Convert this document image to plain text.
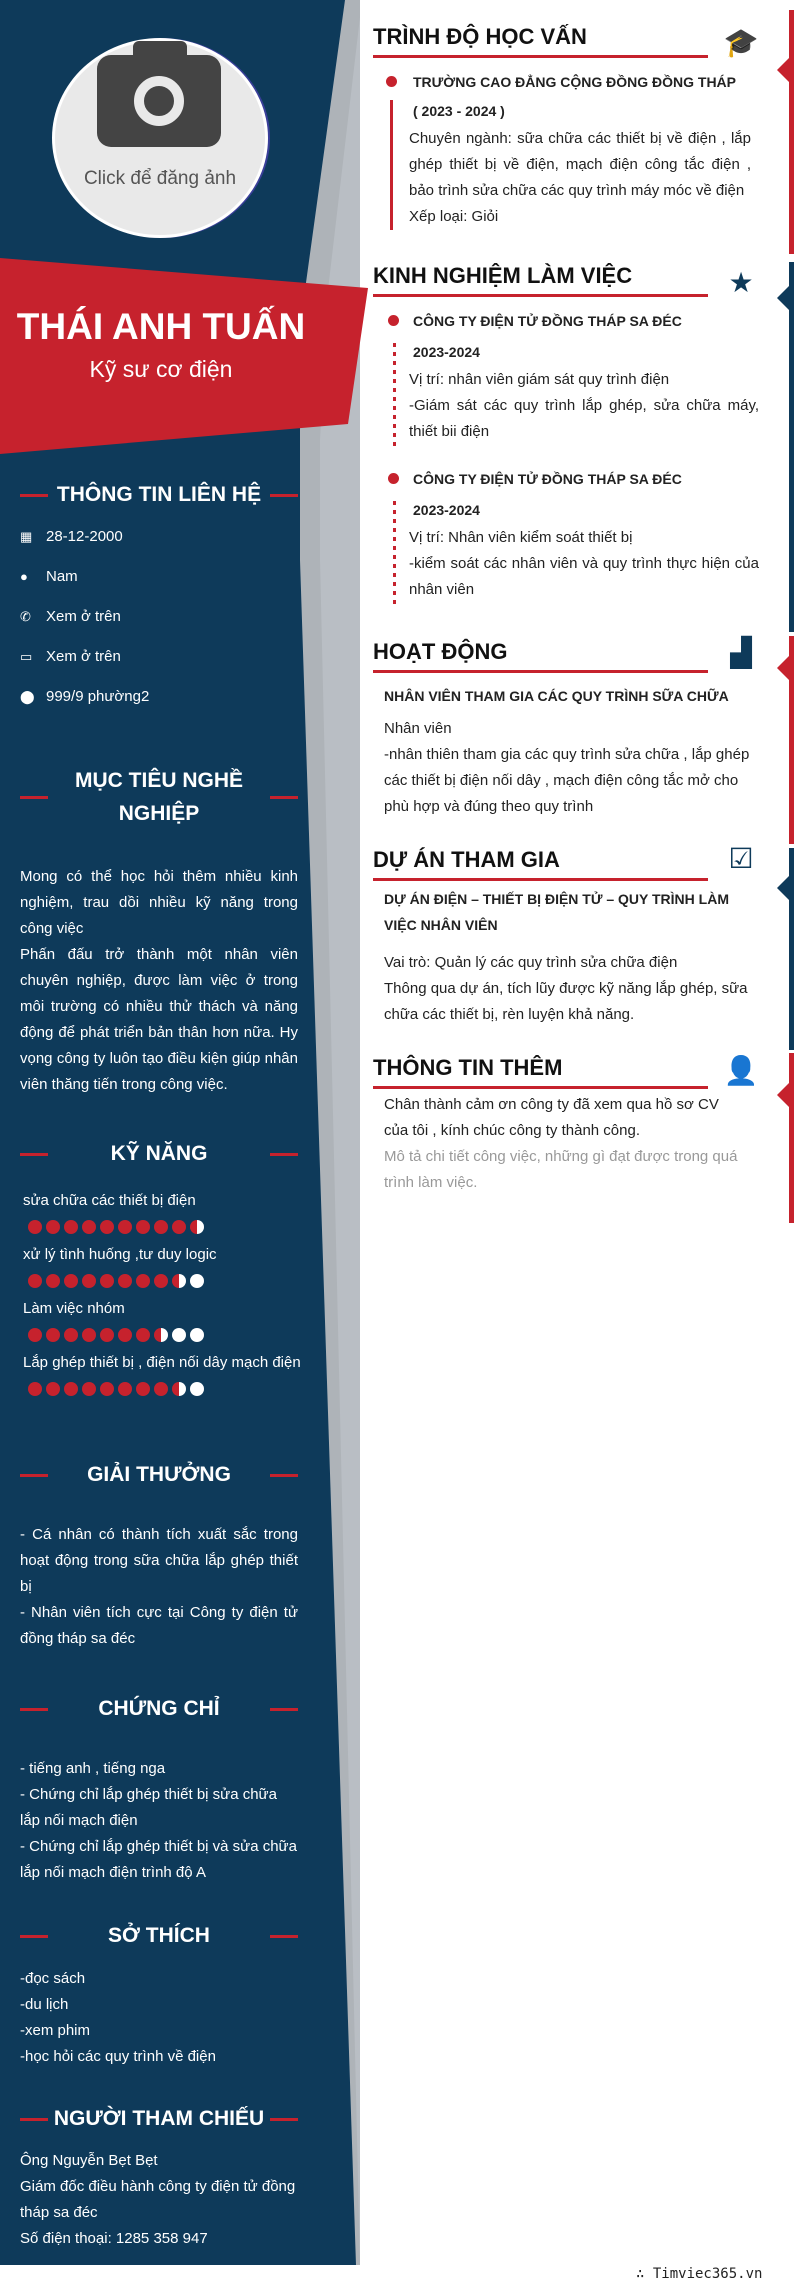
Click để đăng ảnh
THÁI ANH TUẤN
Kỹ sư cơ điện
THÔNG TIN LIÊN HỆ
▦ 28-12-2000
●	Nam
✆	Xem ở trên
▭ Xem ở trên
⬤ 999/9 phường2
MỤC TIÊU NGHỀ
NGHIỆP
Mong có thể học hỏi thêm nhiều kinh nghiệm, trau dồi nhiều kỹ năng trong công việc
Phấn đấu trở thành một nhân viên chuyên nghiệp, được làm việc ở trong môi trường có nhiều thử thách và năng động để phát triển bản thân hơn nữa. Hy vọng công ty luôn tạo điều kiện giúp nhân viên thăng tiến trong công việc.
KỸ NĂNG
sửa chữa các thiết bị điện
xử lý tình huống ,tư duy logic
Làm việc nhóm
Lắp ghép thiết bị , điện nối dây mạch điện
GIẢI THƯỞNG
- Cá nhân có thành tích xuất sắc trong hoạt động trong sữa chữa lắp ghép thiết bị
- Nhân viên tích cực tại Công ty điện tử đồng tháp sa đéc
CHỨNG CHỈ
- tiếng anh , tiếng nga
- Chứng chỉ lắp ghép thiết bị sửa chữa lắp nối mạch điện
- Chứng chỉ lắp ghép thiết bị và sửa chữa lắp nối mạch điện trình độ A
SỞ THÍCH
-đọc sách
-du lịch
-xem phim
-học hỏi các quy trình về điện
NGƯỜI THAM CHIẾU
Ông Nguyễn Bẹt Bẹt
Giám đốc điều hành công ty điện tử đồng tháp sa đéc
Số điện thoại: 1285 358 947
TRÌNH ĐỘ HỌC VẤN	🎓
TRƯỜNG CAO ĐẲNG CỘNG ĐỒNG ĐỒNG THÁP
( 2023 - 2024 )
Chuyên ngành: sữa chữa các thiết bị về điện , lắp ghép thiết bị về điện, mạch điện công tắc điện , bảo trình sửa chữa các quy trình máy móc về điện
Xếp loại: Giỏi
KINH NGHIỆM LÀM VIỆC	★
CÔNG TY ĐIỆN TỬ ĐỒNG THÁP SA ĐÉC
2023-2024
Vị trí: nhân viên giám sát quy trình điện
-Giám sát các quy trình lắp ghép, sửa chữa máy, thiết bii điện
CÔNG TY ĐIỆN TỬ ĐỒNG THÁP SA ĐÉC
2023-2024
Vị trí: Nhân viên kiểm soát thiết bị
-kiểm soát các nhân viên và quy trình thực hiện của nhân viên
HOẠT ĐỘNG	▟
NHÂN VIÊN THAM GIA CÁC QUY TRÌNH SỮA CHỮA
Nhân viên
-nhân thiên tham gia các quy trình sửa chữa , lắp ghép các thiết bị điện nối dây , mạch điện công tắc mở cho phù hợp và đúng theo quy trình
DỰ ÁN THAM GIA	☑
DỰ ÁN ĐIỆN – THIẾT BỊ ĐIỆN TỬ – QUY TRÌNH LÀM VIỆC NHÂN VIÊN
Vai trò: Quản lý các quy trình sửa chữa điện
Thông qua dự án, tích lũy được kỹ năng lắp ghép, sữa chữa các thiết bị, rèn luyện khả năng.
THÔNG TIN THÊM	👤
Chân thành cảm ơn công ty đã xem qua hồ sơ CV của tôi , kính chúc công ty thành công.
Mô tả chi tiết công việc, những gì đạt được trong quá trình làm việc.
∴ Timviec365.vn
